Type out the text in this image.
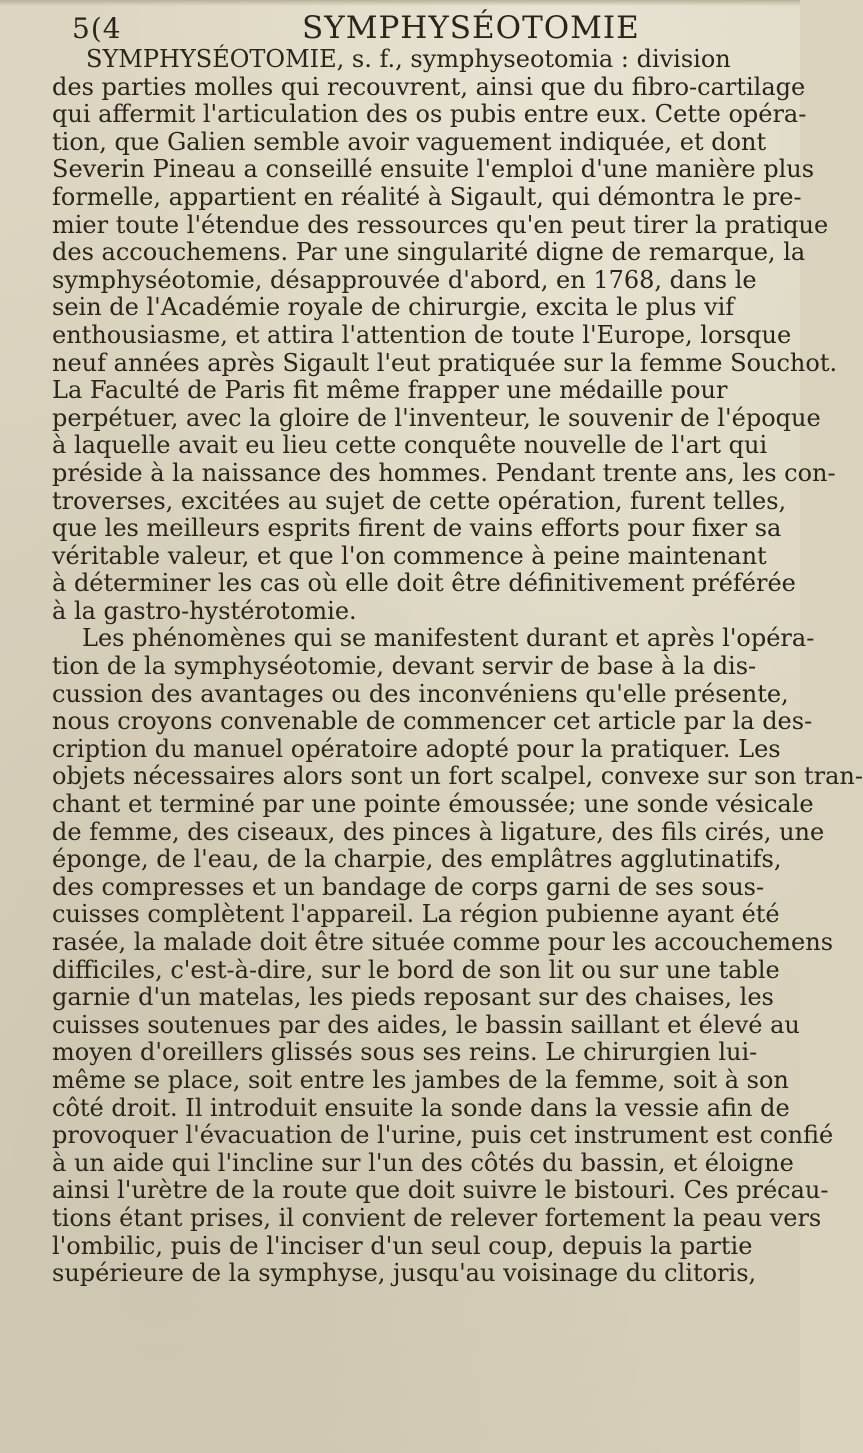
5(4	SYMPHYSÉOTOMIE
SYMPHYSÉOTOMIE, s. f., symphyseotomia : division
des parties molles qui recouvrent, ainsi que du fibro-cartilage
qui affermit l'articulation des os pubis entre eux. Cette opéra-
tion, que Galien semble avoir vaguement indiquée, et dont
Severin Pineau a conseillé ensuite l'emploi d'une manière plus
formelle, appartient en réalité à Sigault, qui démontra le pre-
mier toute l'étendue des ressources qu'en peut tirer la pratique
des accouchemens. Par une singularité digne de remarque, la
symphyséotomie, désapprouvée d'abord, en 1768, dans le
sein de l'Académie royale de chirurgie, excita le plus vif
enthousiasme, et attira l'attention de toute l'Europe, lorsque
neuf années après Sigault l'eut pratiquée sur la femme Souchot.
La Faculté de Paris fit même frapper une médaille pour
perpétuer, avec la gloire de l'inventeur, le souvenir de l'époque
à laquelle avait eu lieu cette conquête nouvelle de l'art qui
préside à la naissance des hommes. Pendant trente ans, les con-
troverses, excitées au sujet de cette opération, furent telles,
que les meilleurs esprits firent de vains efforts pour fixer sa
véritable valeur, et que l'on commence à peine maintenant
à déterminer les cas où elle doit être définitivement préférée
à la gastro-hystérotomie.
Les phénomènes qui se manifestent durant et après l'opéra-
tion de la symphyséotomie, devant servir de base à la dis-
cussion des avantages ou des inconvéniens qu'elle présente,
nous croyons convenable de commencer cet article par la des-
cription du manuel opératoire adopté pour la pratiquer. Les
objets nécessaires alors sont un fort scalpel, convexe sur son tran-
chant et terminé par une pointe émoussée; une sonde vésicale
de femme, des ciseaux, des pinces à ligature, des fils cirés, une
éponge, de l'eau, de la charpie, des emplâtres agglutinatifs,
des compresses et un bandage de corps garni de ses sous-
cuisses complètent l'appareil. La région pubienne ayant été
rasée, la malade doit être située comme pour les accouchemens
difficiles, c'est-à-dire, sur le bord de son lit ou sur une table
garnie d'un matelas, les pieds reposant sur des chaises, les
cuisses soutenues par des aides, le bassin saillant et élevé au
moyen d'oreillers glissés sous ses reins. Le chirurgien lui-
même se place, soit entre les jambes de la femme, soit à son
côté droit. Il introduit ensuite la sonde dans la vessie afin de
provoquer l'évacuation de l'urine, puis cet instrument est confié
à un aide qui l'incline sur l'un des côtés du bassin, et éloigne
ainsi l'urètre de la route que doit suivre le bistouri. Ces précau-
tions étant prises, il convient de relever fortement la peau vers
l'ombilic, puis de l'inciser d'un seul coup, depuis la partie
supérieure de la symphyse, jusqu'au voisinage du clitoris,
